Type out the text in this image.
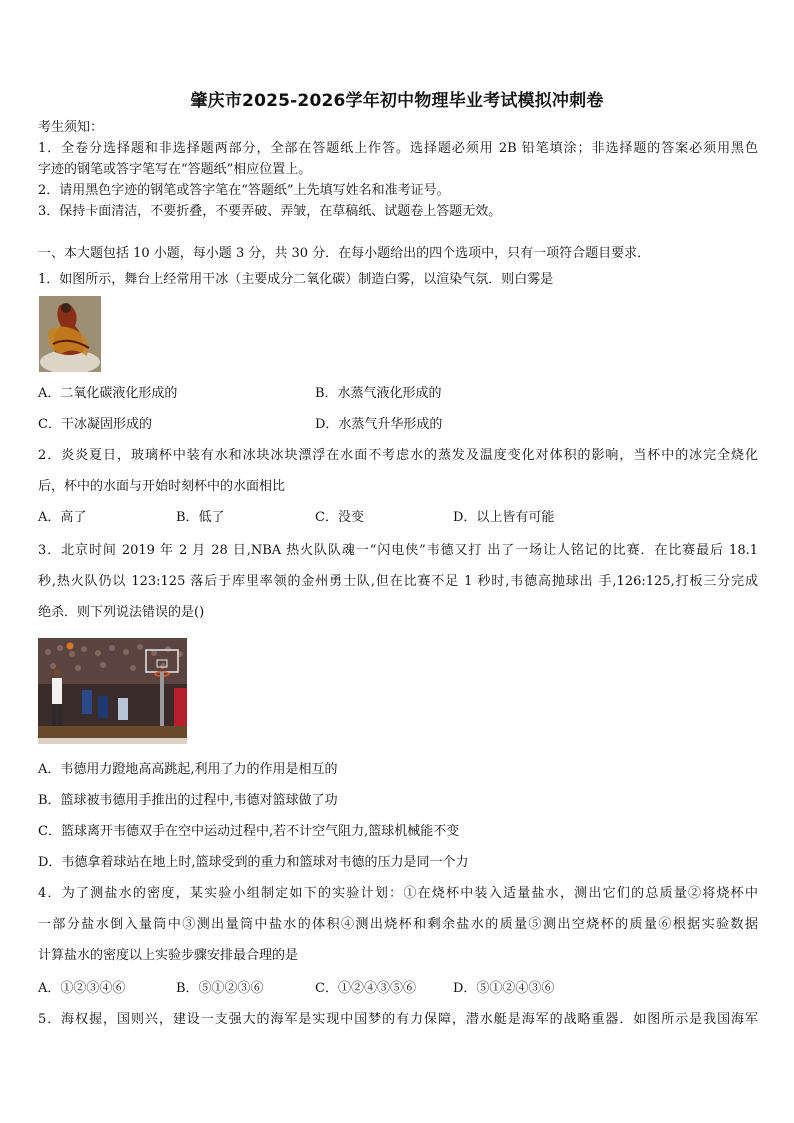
肇庆市2025-2026学年初中物理毕业考试模拟冲刺卷
考生须知：
1．全卷分选择题和非选择题两部分，全部在答题纸上作答。选择题必须用 2B 铅笔填涂；非选择题的答案必须用黑色
字迹的钢笔或答字笔写在“答题纸”相应位置上。
2．请用黑色字迹的钢笔或答字笔在“答题纸”上先填写姓名和准考证号。
3．保持卡面清洁，不要折叠，不要弄破、弄皱，在草稿纸、试题卷上答题无效。
一、本大题包括 10 小题，每小题 3 分，共 30 分．在每小题给出的四个选项中，只有一项符合题目要求．
1．如图所示，舞台上经常用干冰（主要成分二氧化碳）制造白雾，以渲染气氛．则白雾是
A．二氧化碳液化形成的	B．水蒸气液化形成的
C．干冰凝固形成的	D．水蒸气升华形成的
2．炎炎夏日，玻璃杯中装有水和冰块冰块漂浮在水面不考虑水的蒸发及温度变化对体积的影响，当杯中的冰完全烧化
后，杯中的水面与开始时刻杯中的水面相比
A．高了	B．低了	C．没变	D．以上皆有可能
3．北京时间 2019 年 2 月 28 日,NBA 热火队队魂一“闪电侠”韦德又打 出了一场让人铭记的比赛．在比赛最后 18.1
秒,热火队仍以 123:125 落后于库里率领的金州勇士队,但在比赛不足 1 秒时,韦德高抛球出 手,126:125,打板三分完成
绝杀．则下列说法错误的是()
A．韦德用力蹬地高高跳起,利用了力的作用是相互的
B．篮球被韦德用手推出的过程中,韦德对篮球做了功
C．篮球离开韦德双手在空中运动过程中,若不计空气阻力,篮球机械能不变
D．韦德拿着球站在地上时,篮球受到的重力和篮球对韦德的压力是同一个力
4．为了测盐水的密度，某实验小组制定如下的实验计划：①在烧杯中装入适量盐水，测出它们的总质量②将烧杯中
一部分盐水倒入量筒中③测出量筒中盐水的体积④测出烧杯和剩余盐水的质量⑤测出空烧杯的质量⑥根据实验数据
计算盐水的密度以上实验步骤安排最合理的是
A．①②③④⑥	B．⑤①②③⑥	C．①②④③⑤⑥	D．⑤①②④③⑥
5．海权握，国则兴，建设一支强大的海军是实现中国梦的有力保障，潜水艇是海军的战略重器．如图所示是我国海军
